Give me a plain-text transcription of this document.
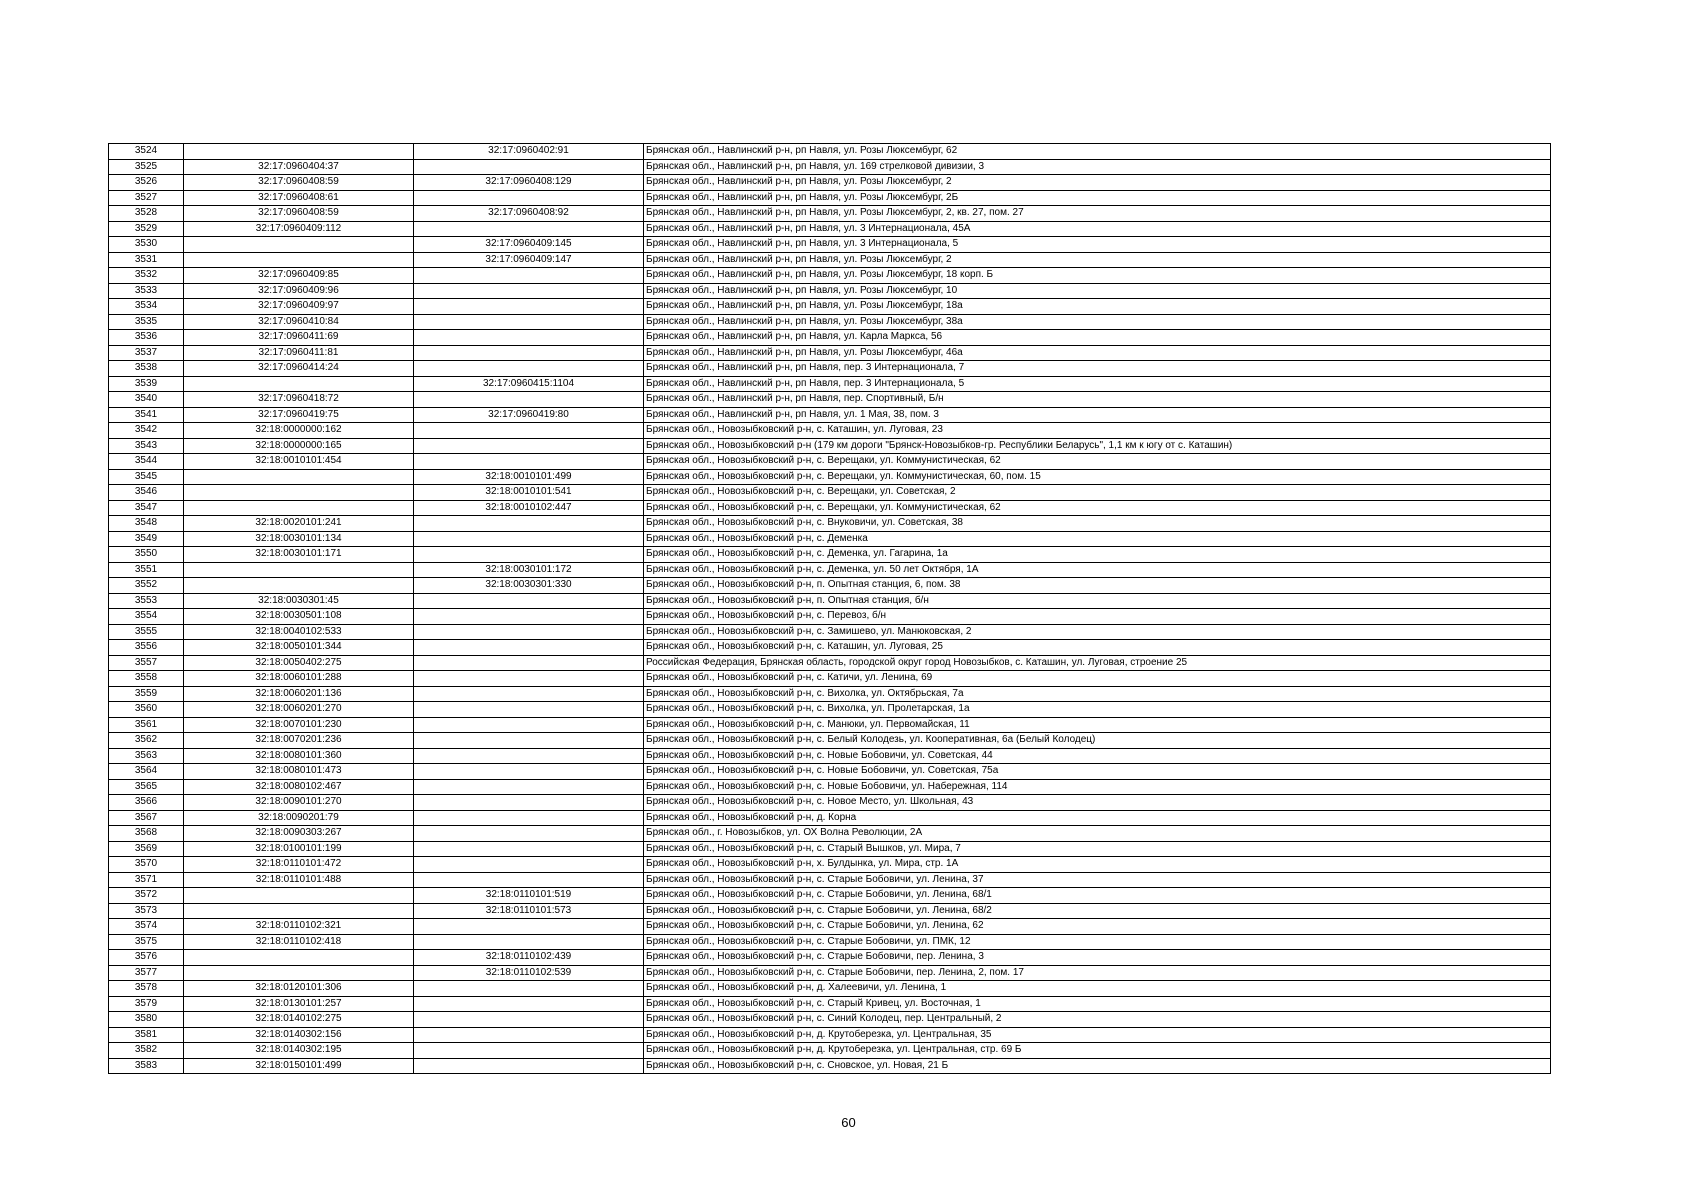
3524		32:17:0960402:91	Брянская обл., Навлинский р-н, рп Навля, ул. Розы Люксембург, 62
3525	32:17:0960404:37		Брянская обл., Навлинский р-н, рп Навля, ул. 169 стрелковой дивизии, 3
3526	32:17:0960408:59	32:17:0960408:129	Брянская обл., Навлинский р-н, рп Навля, ул. Розы Люксембург, 2
3527	32:17:0960408:61		Брянская обл., Навлинский р-н, рп Навля, ул. Розы Люксембург, 2Б
3528	32:17:0960408:59	32:17:0960408:92	Брянская обл., Навлинский р-н, рп Навля, ул. Розы Люксембург, 2, кв. 27, пом. 27
3529	32:17:0960409:112		Брянская обл., Навлинский р-н, рп Навля, ул. 3 Интернационала, 45А
3530		32:17:0960409:145	Брянская обл., Навлинский р-н, рп Навля, ул. 3 Интернационала, 5
3531		32:17:0960409:147	Брянская обл., Навлинский р-н, рп Навля, ул. Розы Люксембург, 2
3532	32:17:0960409:85		Брянская обл., Навлинский р-н, рп Навля, ул. Розы Люксембург, 18 корп. Б
3533	32:17:0960409:96		Брянская обл., Навлинский р-н, рп Навля, ул. Розы Люксембург, 10
3534	32:17:0960409:97		Брянская обл., Навлинский р-н, рп Навля, ул. Розы Люксембург, 18а
3535	32:17:0960410:84		Брянская обл., Навлинский р-н, рп Навля, ул. Розы Люксембург, 38а
3536	32:17:0960411:69		Брянская обл., Навлинский р-н, рп Навля, ул. Карла Маркса, 56
3537	32:17:0960411:81		Брянская обл., Навлинский р-н, рп Навля, ул. Розы Люксембург, 46а
3538	32:17:0960414:24		Брянская обл., Навлинский р-н, рп Навля, пер. 3 Интернационала, 7
3539		32:17:0960415:1104	Брянская обл., Навлинский р-н, рп Навля, пер. 3 Интернационала, 5
3540	32:17:0960418:72		Брянская обл., Навлинский р-н, рп Навля, пер. Спортивный, Б/н
3541	32:17:0960419:75	32:17:0960419:80	Брянская обл., Навлинский р-н, рп Навля, ул. 1 Мая, 38, пом. 3
3542	32:18:0000000:162		Брянская обл., Новозыбковский р-н, с. Каташин, ул. Луговая, 23
3543	32:18:0000000:165		Брянская обл., Новозыбковский р-н (179 км дороги "Брянск-Новозыбков-гр. Республики Беларусь", 1,1 км к югу от с. Каташин)
3544	32:18:0010101:454		Брянская обл., Новозыбковский р-н, с. Верещаки, ул. Коммунистическая, 62
3545		32:18:0010101:499	Брянская обл., Новозыбковский р-н, с. Верещаки, ул. Коммунистическая, 60, пом. 15
3546		32:18:0010101:541	Брянская обл., Новозыбковский р-н, с. Верещаки, ул. Советская, 2
3547		32:18:0010102:447	Брянская обл., Новозыбковский р-н, с. Верещаки, ул. Коммунистическая, 62
3548	32:18:0020101:241		Брянская обл., Новозыбковский р-н, с. Внуковичи, ул. Советская, 38
3549	32:18:0030101:134		Брянская обл., Новозыбковский р-н, с. Деменка
3550	32:18:0030101:171		Брянская обл., Новозыбковский р-н, с. Деменка, ул. Гагарина, 1а
3551		32:18:0030101:172	Брянская обл., Новозыбковский р-н, с. Деменка, ул. 50 лет Октября, 1А
3552		32:18:0030301:330	Брянская обл., Новозыбковский р-н, п. Опытная станция, 6, пом. 38
3553	32:18:0030301:45		Брянская обл., Новозыбковский р-н, п. Опытная станция, б/н
3554	32:18:0030501:108		Брянская обл., Новозыбковский р-н, с. Перевоз, б/н
3555	32:18:0040102:533		Брянская обл., Новозыбковский р-н, с. Замишево, ул. Манюковская, 2
3556	32:18:0050101:344		Брянская обл., Новозыбковский р-н, с. Каташин, ул. Луговая, 25
3557	32:18:0050402:275		Российская Федерация, Брянская область, городской округ город Новозыбков, с. Каташин, ул. Луговая, строение 25
3558	32:18:0060101:288		Брянская обл., Новозыбковский р-н, с. Катичи, ул. Ленина, 69
3559	32:18:0060201:136		Брянская обл., Новозыбковский р-н, с. Вихолка, ул. Октябрьская, 7а
3560	32:18:0060201:270		Брянская обл., Новозыбковский р-н, с. Вихолка, ул. Пролетарская, 1а
3561	32:18:0070101:230		Брянская обл., Новозыбковский р-н, с. Манюки, ул. Первомайская, 11
3562	32:18:0070201:236		Брянская обл., Новозыбковский р-н, с. Белый Колодезь, ул. Кооперативная, 6а (Белый Колодец)
3563	32:18:0080101:360		Брянская обл., Новозыбковский р-н, с. Новые Бобовичи, ул. Советская, 44
3564	32:18:0080101:473		Брянская обл., Новозыбковский р-н, с. Новые Бобовичи, ул. Советская, 75а
3565	32:18:0080102:467		Брянская обл., Новозыбковский р-н, с. Новые Бобовичи, ул. Набережная, 114
3566	32:18:0090101:270		Брянская обл., Новозыбковский р-н, с. Новое Место, ул. Школьная, 43
3567	32:18:0090201:79		Брянская обл., Новозыбковский р-н, д. Корна
3568	32:18:0090303:267		Брянская обл., г. Новозыбков, ул. ОХ Волна Революции, 2А
3569	32:18:0100101:199		Брянская обл., Новозыбковский р-н, с. Старый Вышков, ул. Мира, 7
3570	32:18:0110101:472		Брянская обл., Новозыбковский р-н, х. Булдынка, ул. Мира, стр. 1А
3571	32:18:0110101:488		Брянская обл., Новозыбковский р-н, с. Старые Бобовичи, ул. Ленина, 37
3572		32:18:0110101:519	Брянская обл., Новозыбковский р-н, с. Старые Бобовичи, ул. Ленина, 68/1
3573		32:18:0110101:573	Брянская обл., Новозыбковский р-н, с. Старые Бобовичи, ул. Ленина, 68/2
3574	32:18:0110102:321		Брянская обл., Новозыбковский р-н, с. Старые Бобовичи, ул. Ленина, 62
3575	32:18:0110102:418		Брянская обл., Новозыбковский р-н, с. Старые Бобовичи, ул. ПМК, 12
3576		32:18:0110102:439	Брянская обл., Новозыбковский р-н, с. Старые Бобовичи, пер. Ленина, 3
3577		32:18:0110102:539	Брянская обл., Новозыбковский р-н, с. Старые Бобовичи, пер. Ленина, 2, пом. 17
3578	32:18:0120101:306		Брянская обл., Новозыбковский р-н, д. Халеевичи, ул. Ленина, 1
3579	32:18:0130101:257		Брянская обл., Новозыбковский р-н, с. Старый Кривец, ул. Восточная, 1
3580	32:18:0140102:275		Брянская обл., Новозыбковский р-н, с. Синий Колодец, пер. Центральный, 2
3581	32:18:0140302:156		Брянская обл., Новозыбковский р-н, д. Крутоберезка, ул. Центральная, 35
3582	32:18:0140302:195		Брянская обл., Новозыбковский р-н, д. Крутоберезка, ул. Центральная, стр. 69 Б
3583	32:18:0150101:499		Брянская обл., Новозыбковский р-н, с. Сновское, ул. Новая, 21 Б
60
